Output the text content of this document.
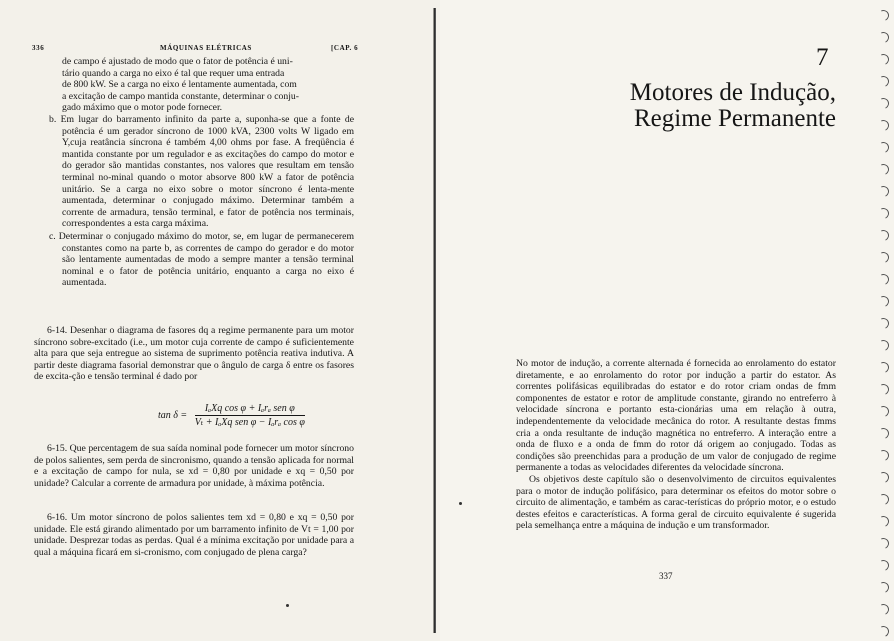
336	MÁQUINAS ELÉTRICAS	[CAP. 6

de campo é ajustado de modo que o fator de potência é uni-

tário quando a carga no eixo é tal que requer uma entrada

de 800 kW. Se a carga no eixo é lentamente aumentada, com

a excitação de campo mantida constante, determinar o conju-

gado máximo que o motor pode fornecer.

b. Em lugar do barramento infinito da parte a, suponha-se que a fonte de potência é um gerador síncrono de 1000 kVA, 2300 volts W ligado em Y,cuja reatância síncrona é também 4,00 ohms por fase. A freqüência é mantida constante por um regulador e as excitações do campo do motor e do gerador são mantidas constantes, nos valores que resultam em tensão terminal no-minal quando o motor absorve 800 kW a fator de potência unitário. Se a carga no eixo sobre o motor síncrono é lenta-mente aumentada, determinar o conjugado máximo. Determinar também a corrente de armadura, tensão terminal, e fator de potência nos terminais, correspondentes a esta carga máxima.

c. Determinar o conjugado máximo do motor, se, em lugar de permanecerem constantes como na parte b, as correntes de campo do gerador e do motor são lentamente aumentadas de modo a sempre manter a tensão terminal nominal e o fator de potência unitário, enquanto a carga no eixo é aumentada.

6-14. Desenhar o diagrama de fasores dq a regime permanente para um motor síncrono sobre-excitado (i.e., um motor cuja corrente de campo é suficientemente alta para que seja entregue ao sistema de suprimento potência reativa indutiva. A partir deste diagrama fasorial demonstrar que o ângulo de carga δ entre os fasores de excita-ção e tensão terminal é dado por

$\tan \delta = \frac{\text{IₐXq cos φ + Iₐrₐ sen φ}}{\text{Vₜ + IₐXq sen φ − Iₐrₐ cos φ}}$

6-15. Que percentagem de sua saída nominal pode fornecer um motor síncrono de polos salientes, sem perda de sincronismo, quando a tensão aplicada for normal e a excitação de campo for nula, se xd = 0,80 por unidade e xq = 0,50 por unidade? Calcular a corrente de armadura por unidade, à máxima potência.

6-16. Um motor síncrono de polos salientes tem xd = 0,80 e xq = 0,50 por unidade. Ele está girando alimentado por um barramento infinito de Vt = 1,00 por unidade. Desprezar todas as perdas. Qual é a mínima excitação por unidade para a qual a máquina ficará em si-cronismo, com conjugado de plena carga?

7
Motores de Indução,
Regime Permanente

No motor de indução, a corrente alternada é fornecida ao enrolamento do estator diretamente, e ao enrolamento do rotor por indução a partir do estator. As correntes polifásicas equilibradas do estator e do rotor criam ondas de fmm componentes de estator e rotor de amplitude constante, girando no entreferro à velocidade síncrona e portanto esta-cionárias uma em relação à outra, independentemente da velocidade mecânica do rotor. A resultante destas fmms cria a onda resultante de indução magnética no entreferro. A interação entre a onda de fluxo e a onda de fmm do rotor dá origem ao conjugado. Todas as condições são preenchidas para a produção de um valor de conjugado de regime permanente a todas as velocidades diferentes da velocidade síncrona.

Os objetivos deste capítulo são o desenvolvimento de circuitos equivalentes para o motor de indução polifásico, para determinar os efeitos do motor sobre o circuito de alimentação, e também as carac-terísticas do próprio motor, e o estudo destes efeitos e características. A forma geral de circuito equivalente é sugerida pela semelhança entre a máquina de indução e um transformador.

337
